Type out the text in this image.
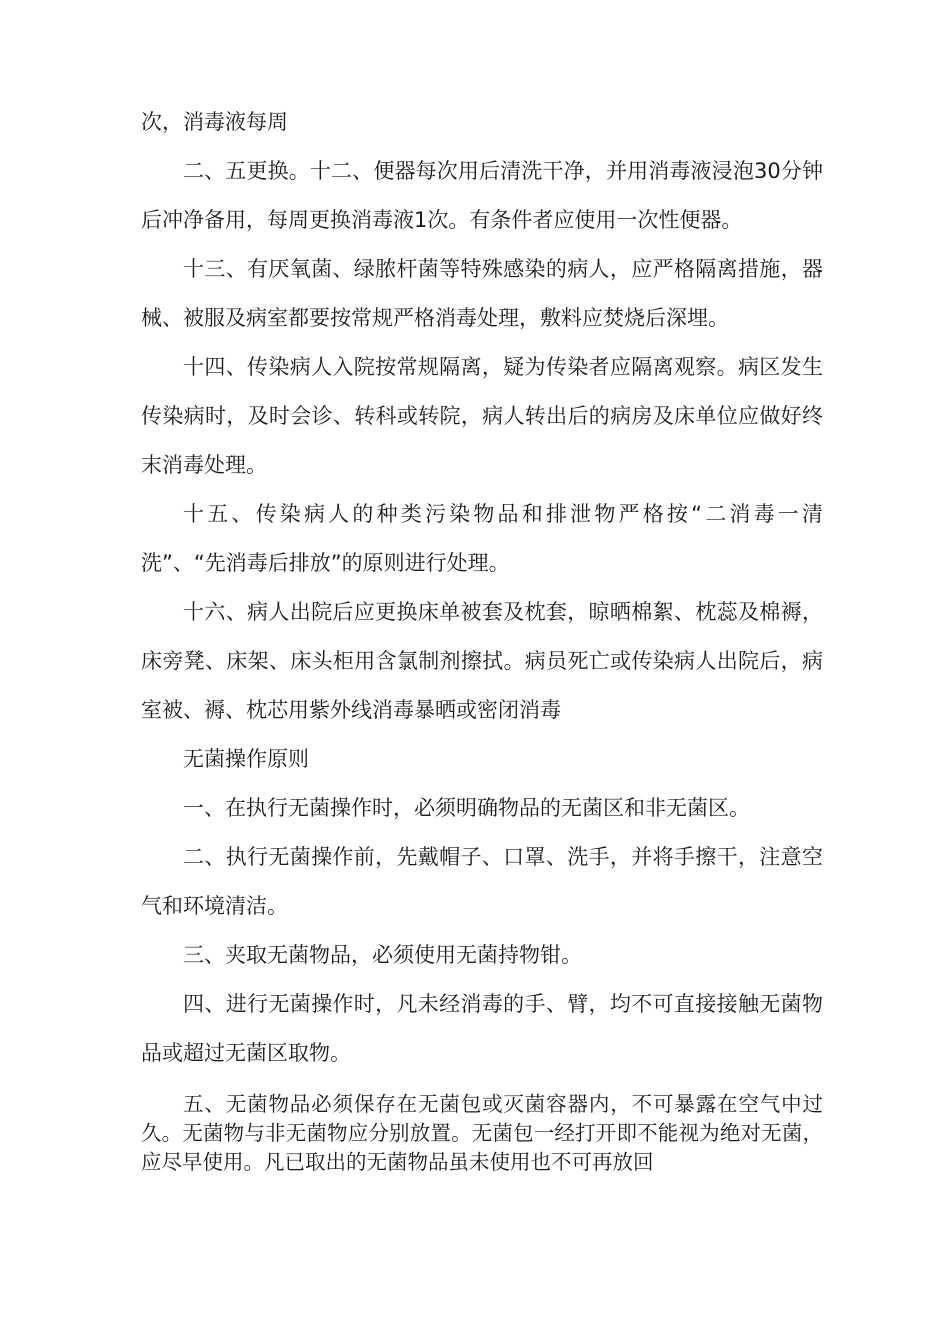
次，消毒液每周

二、五更换。十二、便器每次用后清洗干净，并用消毒液浸泡30分钟后冲净备用，每周更换消毒液1次。有条件者应使用一次性便器。

十三、有厌氧菌、绿脓杆菌等特殊感染的病人，应严格隔离措施，器械、被服及病室都要按常规严格消毒处理，敷料应焚烧后深埋。

十四、传染病人入院按常规隔离，疑为传染者应隔离观察。病区发生传染病时，及时会诊、转科或转院，病人转出后的病房及床单位应做好终末消毒处理。

十五、传染病人的种类污染物品和排泄物严格按“二消毒一清洗”、“先消毒后排放”的原则进行处理。

十六、病人出院后应更换床单被套及枕套，晾晒棉絮、枕蕊及棉褥，床旁凳、床架、床头柜用含氯制剂擦拭。病员死亡或传染病人出院后，病室被、褥、枕芯用紫外线消毒暴晒或密闭消毒

无菌操作原则

一、在执行无菌操作时，必须明确物品的无菌区和非无菌区。

二、执行无菌操作前，先戴帽子、口罩、洗手，并将手擦干，注意空气和环境清洁。

三、夹取无菌物品，必须使用无菌持物钳。

四、进行无菌操作时，凡未经消毒的手、臂，均不可直接接触无菌物品或超过无菌区取物。

五、无菌物品必须保存在无菌包或灭菌容器内，不可暴露在空气中过久。无菌物与非无菌物应分别放置。无菌包一经打开即不能视为绝对无菌，应尽早使用。凡已取出的无菌物品虽未使用也不可再放回
